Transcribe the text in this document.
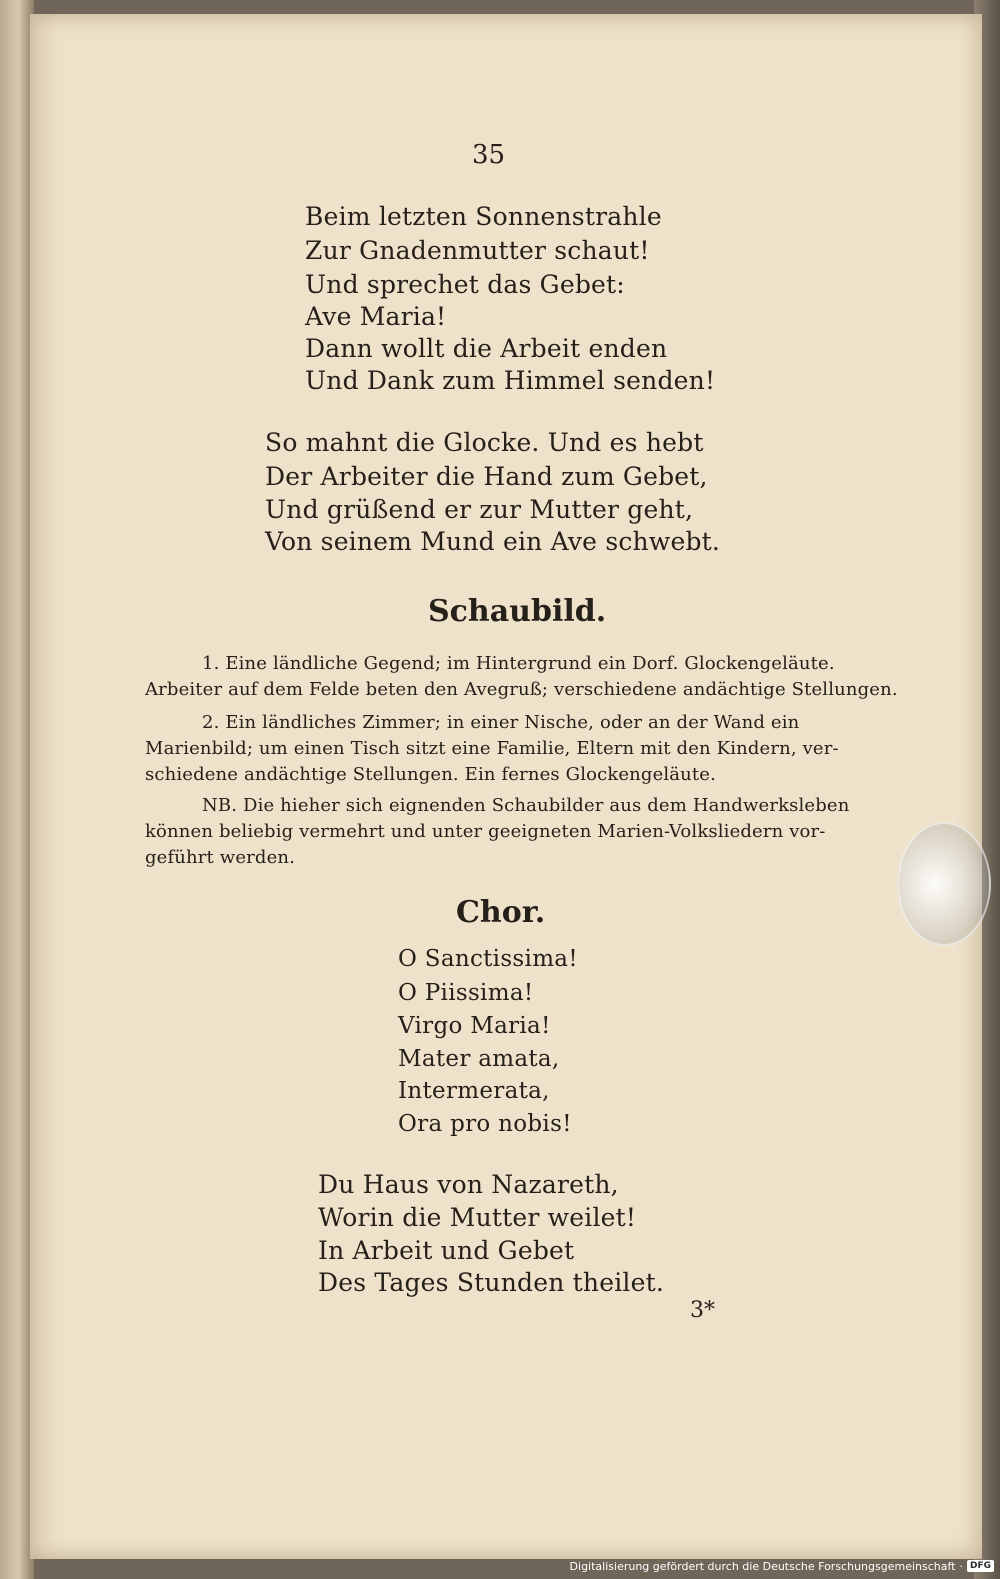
35
Beim letzten Sonnenstrahle
Zur Gnadenmutter schaut!
Und sprechet das Gebet:
Ave Maria!
Dann wollt die Arbeit enden
Und Dank zum Himmel senden!
So mahnt die Glocke. Und es hebt
Der Arbeiter die Hand zum Gebet,
Und grüßend er zur Mutter geht,
Von seinem Mund ein Ave schwebt.
Schaubild.
1. Eine ländliche Gegend; im Hintergrund ein Dorf. Glockengeläute.
Arbeiter auf dem Felde beten den Avegruß; verschiedene andächtige Stellungen.
2. Ein ländliches Zimmer; in einer Nische, oder an der Wand ein
Marienbild; um einen Tisch sitzt eine Familie, Eltern mit den Kindern, ver-
schiedene andächtige Stellungen. Ein fernes Glockengeläute.
NB. Die hieher sich eignenden Schaubilder aus dem Handwerksleben
können beliebig vermehrt und unter geeigneten Marien-Volksliedern vor-
geführt werden.
Chor.
O Sanctissima!
O Piissima!
Virgo Maria!
Mater amata,
Intermerata,
Ora pro nobis!
Du Haus von Nazareth,
Worin die Mutter weilet!
In Arbeit und Gebet
Des Tages Stunden theilet.
3*
Digitalisierung gefördert durch die Deutsche Forschungsgemeinschaft · DFG
